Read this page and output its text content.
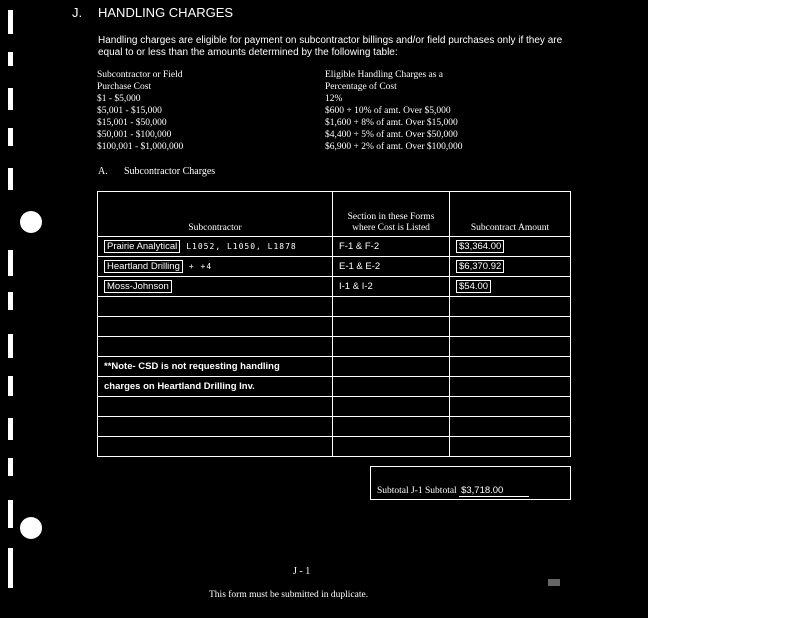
J. HANDLING CHARGES
Handling charges are eligible for payment on subcontractor billings and/or field purchases only if they are equal to or less than the amounts determined by the following table:
Subcontractor or Field	Eligible Handling Charges as a
Purchase Cost	Percentage of Cost
$1 - $5,000	12%
$5,001 - $15,000	$600 + 10% of amt. Over $5,000
$15,001 - $50,000	$1,600 + 8% of amt. Over $15,000
$50,001 - $100,000	$4,400 + 5% of amt. Over $50,000
$100,001 - $1,000,000	$6,900 + 2% of amt. Over $100,000
A. Subcontractor Charges
Subcontractor	Section in these Forms where Cost is Listed	Subcontract Amount
Prairie Analytical L1052, L1050, L1878	F-1 & F-2	$3,364.00
Heartland Drilling + +4	E-1 & E-2	$6,370.92
Moss-Johnson	I-1 & I-2	$54.00

**Note- CSD is not requesting handling		
charges on Heartland Drilling Inv.		

Subtotal J-1 Subtotal $3,718.00
J - 1
This form must be submitted in duplicate.
